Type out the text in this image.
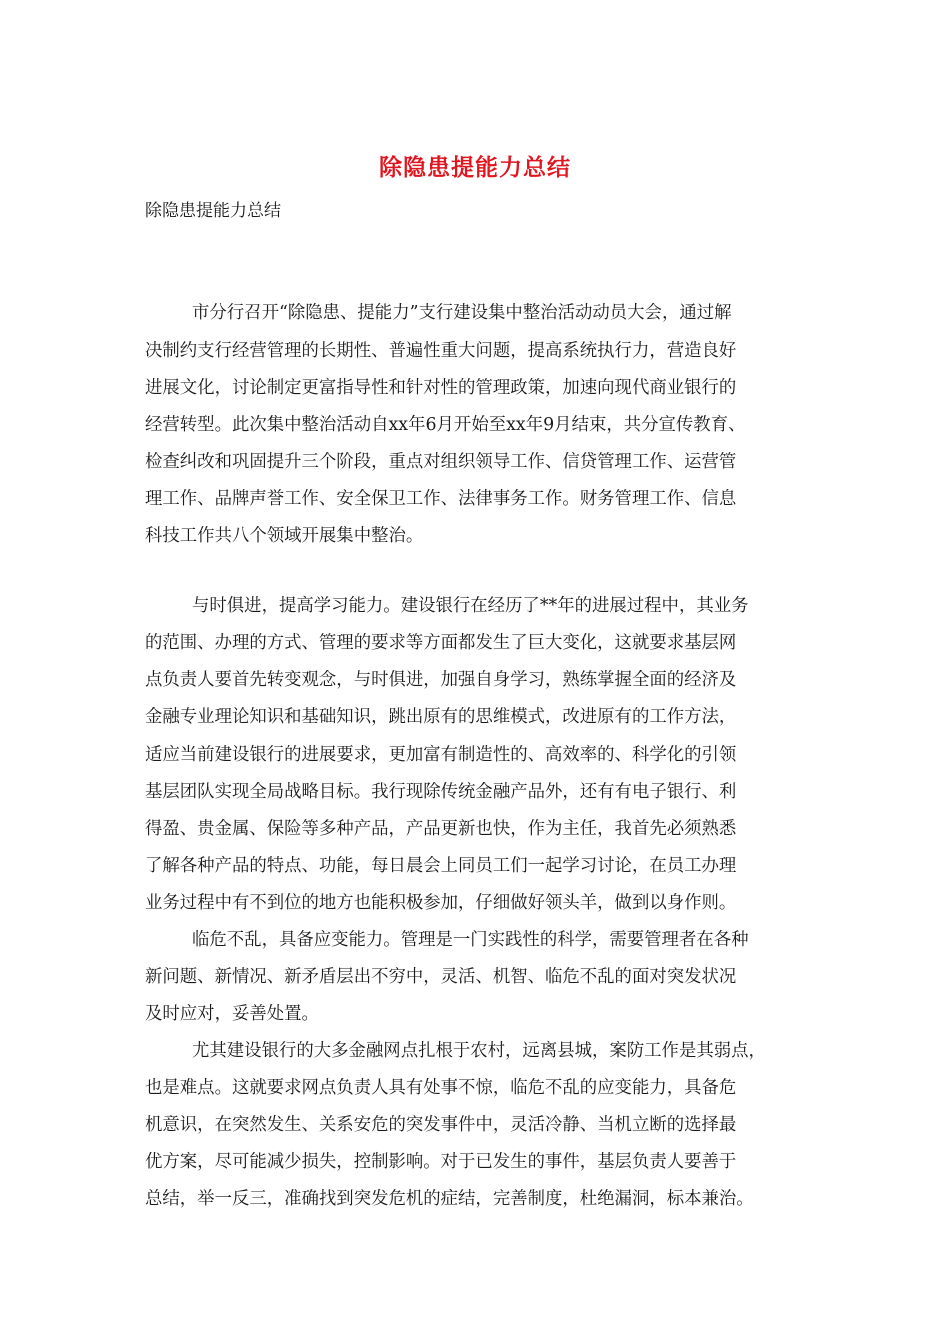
除隐患提能力总结
除隐患提能力总结
市分行召开“除隐患、提能力”支行建设集中整治活动动员大会，通过解
决制约支行经营管理的长期性、普遍性重大问题，提高系统执行力，营造良好
进展文化，讨论制定更富指导性和针对性的管理政策，加速向现代商业银行的
经营转型。此次集中整治活动自xx年6月开始至xx年9月结束，共分宣传教育、
检查纠改和巩固提升三个阶段，重点对组织领导工作、信贷管理工作、运营管
理工作、品牌声誉工作、安全保卫工作、法律事务工作。财务管理工作、信息
科技工作共八个领域开展集中整治。
与时俱进，提高学习能力。建设银行在经历了**年的进展过程中，其业务
的范围、办理的方式、管理的要求等方面都发生了巨大变化，这就要求基层网
点负责人要首先转变观念，与时俱进，加强自身学习，熟练掌握全面的经济及
金融专业理论知识和基础知识，跳出原有的思维模式，改进原有的工作方法，
适应当前建设银行的进展要求，更加富有制造性的、高效率的、科学化的引领
基层团队实现全局战略目标。我行现除传统金融产品外，还有有电子银行、利
得盈、贵金属、保险等多种产品，产品更新也快，作为主任，我首先必须熟悉
了解各种产品的特点、功能，每日晨会上同员工们一起学习讨论，在员工办理
业务过程中有不到位的地方也能积极参加，仔细做好领头羊，做到以身作则。
临危不乱，具备应变能力。管理是一门实践性的科学，需要管理者在各种
新问题、新情况、新矛盾层出不穷中，灵活、机智、临危不乱的面对突发状况
及时应对，妥善处置。
尤其建设银行的大多金融网点扎根于农村，远离县城，案防工作是其弱点，
也是难点。这就要求网点负责人具有处事不惊，临危不乱的应变能力，具备危
机意识，在突然发生、关系安危的突发事件中，灵活冷静、当机立断的选择最
优方案，尽可能减少损失，控制影响。对于已发生的事件，基层负责人要善于
总结，举一反三，准确找到突发危机的症结，完善制度，杜绝漏洞，标本兼治。
